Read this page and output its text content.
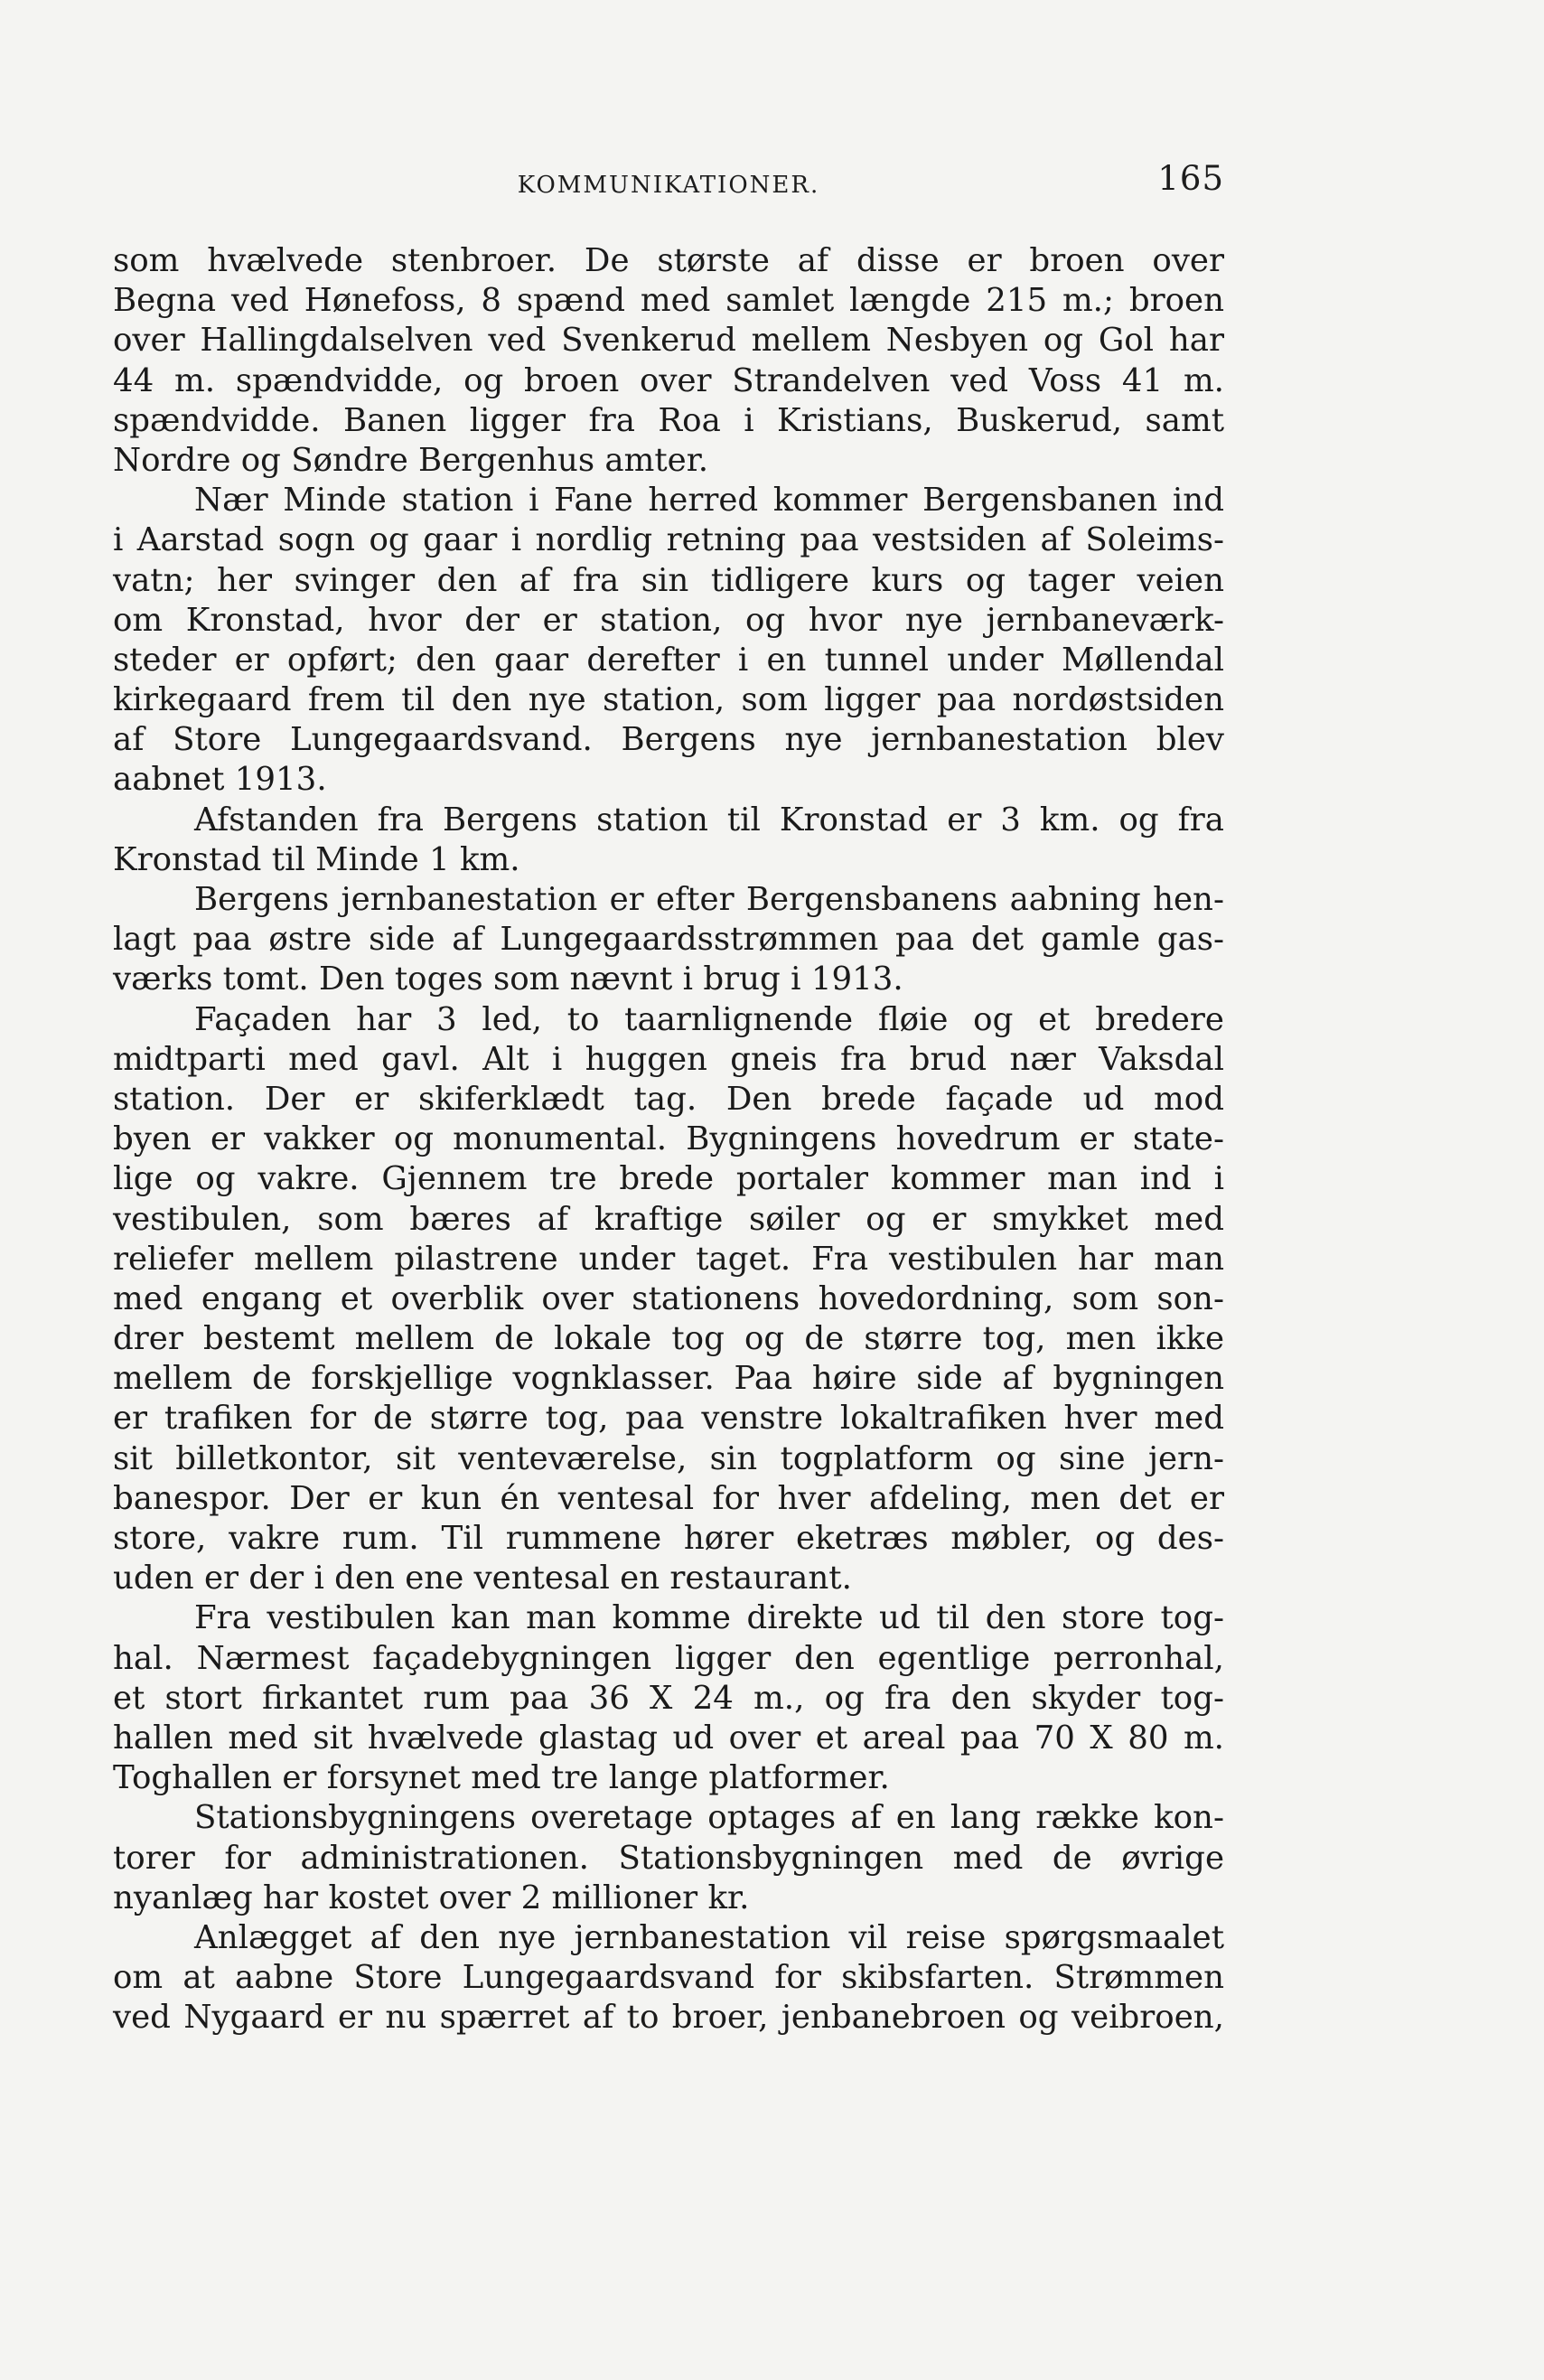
KOMMUNIKATIONER.	165
som hvælvede stenbroer. De største af disse er broen over
Begna ved Hønefoss, 8 spænd med samlet længde 215 m.; broen
over Hallingdalselven ved Svenkerud mellem Nesbyen og Gol har
44 m. spændvidde, og broen over Strandelven ved Voss 41 m.
spændvidde. Banen ligger fra Roa i Kristians, Buskerud, samt
Nordre og Søndre Bergenhus amter.
Nær Minde station i Fane herred kommer Bergensbanen ind
i Aarstad sogn og gaar i nordlig retning paa vestsiden af Soleims-
vatn; her svinger den af fra sin tidligere kurs og tager veien
om Kronstad, hvor der er station, og hvor nye jernbaneværk-
steder er opført; den gaar derefter i en tunnel under Møllendal
kirkegaard frem til den nye station, som ligger paa nordøstsiden
af Store Lungegaardsvand. Bergens nye jernbanestation blev
aabnet 1913.
Afstanden fra Bergens station til Kronstad er 3 km. og fra
Kronstad til Minde 1 km.
Bergens jernbanestation er efter Bergensbanens aabning hen-
lagt paa østre side af Lungegaardsstrømmen paa det gamle gas-
værks tomt. Den toges som nævnt i brug i 1913.
Façaden har 3 led, to taarnlignende fløie og et bredere
midtparti med gavl. Alt i huggen gneis fra brud nær Vaksdal
station. Der er skiferklædt tag. Den brede façade ud mod
byen er vakker og monumental. Bygningens hovedrum er state-
lige og vakre. Gjennem tre brede portaler kommer man ind i
vestibulen, som bæres af kraftige søiler og er smykket med
reliefer mellem pilastrene under taget. Fra vestibulen har man
med engang et overblik over stationens hovedordning, som son-
drer bestemt mellem de lokale tog og de større tog, men ikke
mellem de forskjellige vognklasser. Paa høire side af bygningen
er trafiken for de større tog, paa venstre lokaltrafiken hver med
sit billetkontor, sit venteværelse, sin togplatform og sine jern-
banespor. Der er kun én ventesal for hver afdeling, men det er
store, vakre rum. Til rummene hører eketræs møbler, og des-
uden er der i den ene ventesal en restaurant.
Fra vestibulen kan man komme direkte ud til den store tog-
hal. Nærmest façadebygningen ligger den egentlige perronhal,
et stort firkantet rum paa 36 X 24 m., og fra den skyder tog-
hallen med sit hvælvede glastag ud over et areal paa 70 X 80 m.
Toghallen er forsynet med tre lange platformer.
Stationsbygningens overetage optages af en lang række kon-
torer for administrationen. Stationsbygningen med de øvrige
nyanlæg har kostet over 2 millioner kr.
Anlægget af den nye jernbanestation vil reise spørgsmaalet
om at aabne Store Lungegaardsvand for skibsfarten. Strømmen
ved Nygaard er nu spærret af to broer, jenbanebroen og veibroen,
